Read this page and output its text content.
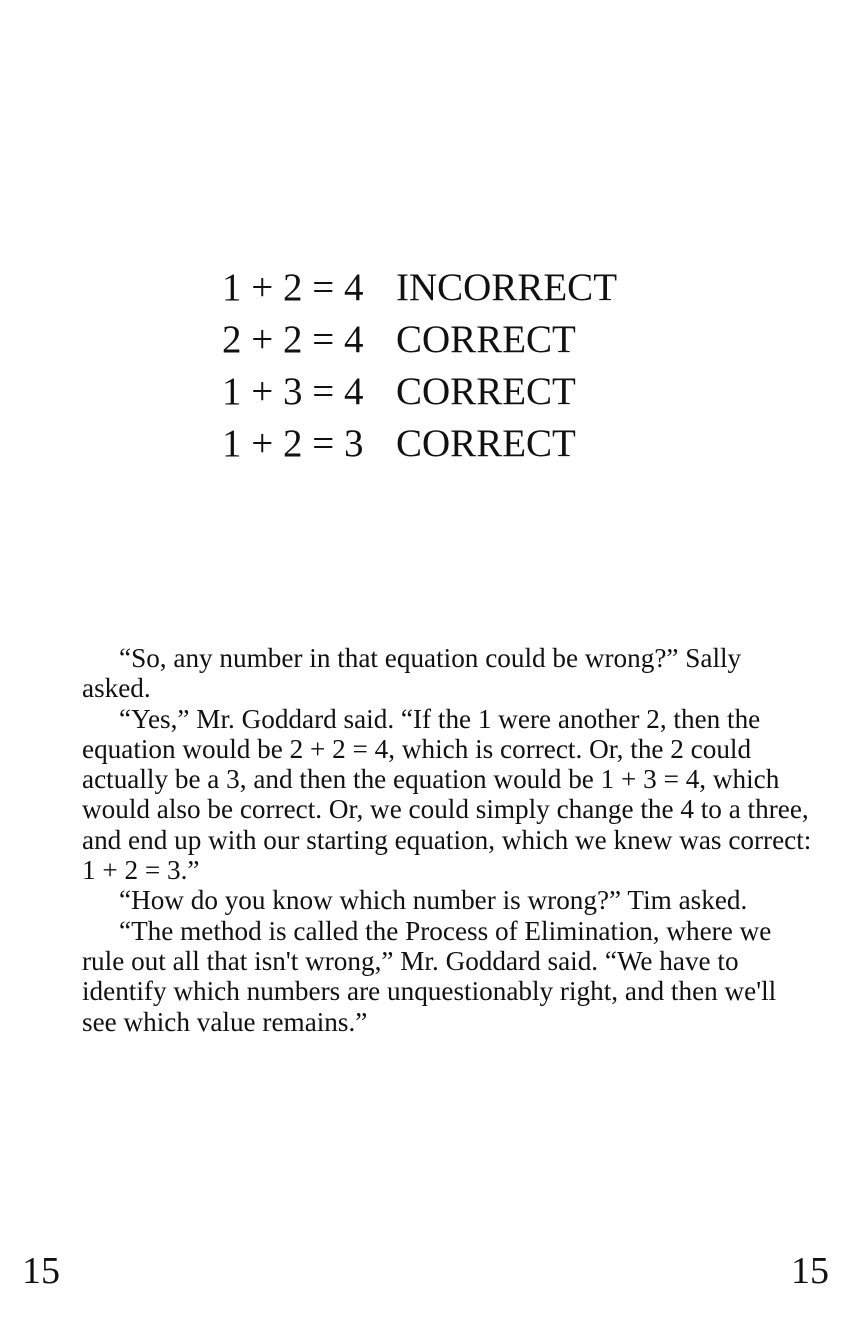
1 + 2 = 4 INCORRECT
2 + 2 = 4 CORRECT
1 + 3 = 4 CORRECT
1 + 2 = 3 CORRECT

“So, any number in that equation could be wrong?” Sally asked.

“Yes,” Mr. Goddard said. “If the 1 were another 2, then the equation would be 2 + 2 = 4, which is correct. Or, the 2 could actually be a 3, and then the equation would be 1 + 3 = 4, which would also be correct. Or, we could simply change the 4 to a three, and end up with our starting equation, which we knew was correct: 1 + 2 = 3.”

“How do you know which number is wrong?” Tim asked.

“The method is called the Process of Elimination, where we rule out all that isn't wrong,” Mr. Goddard said. “We have to identify which numbers are unquestionably right, and then we'll see which value remains.”

15	15
